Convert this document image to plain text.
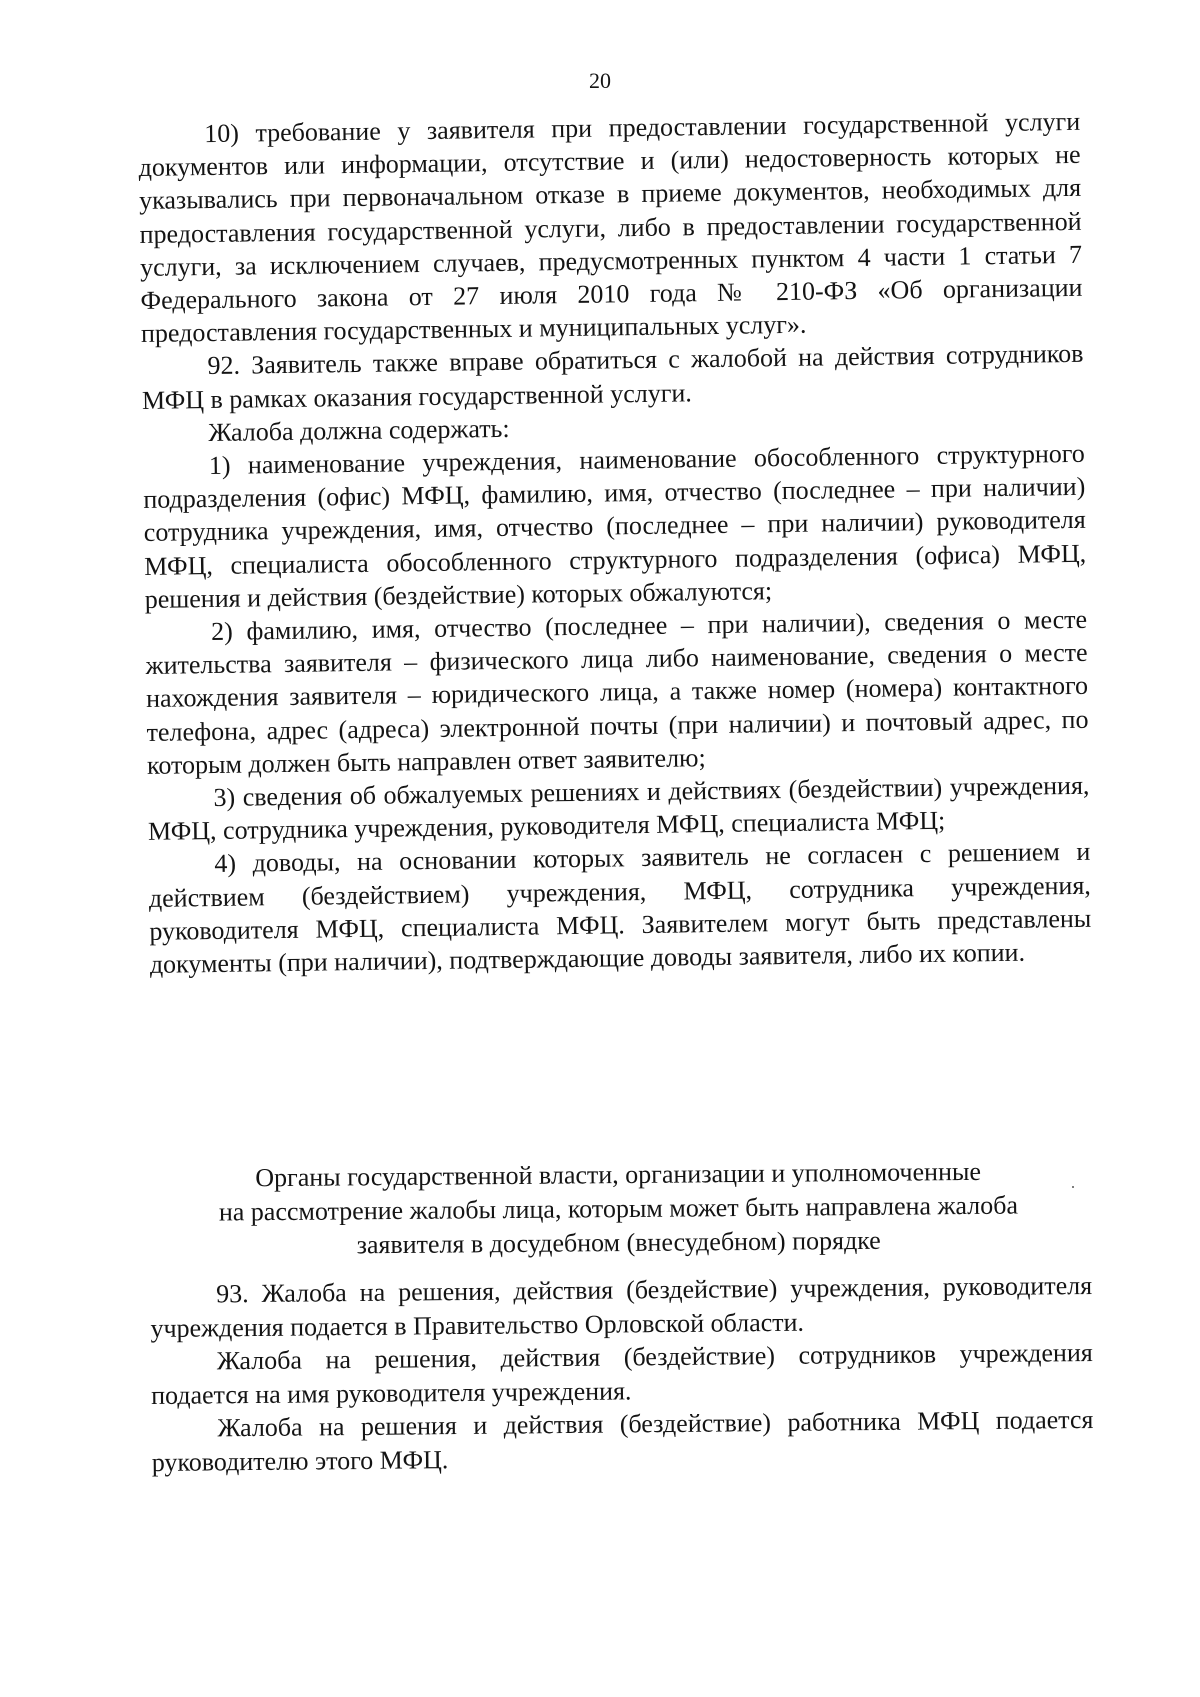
20

10) требование у заявителя при предоставлении государственной услуги документов или информации, отсутствие и (или) недостоверность которых не указывались при первоначальном отказе в приеме документов, необходимых для предоставления государственной услуги, либо в предоставлении государственной услуги, за исключением случаев, предусмотренных пунктом 4 части 1 статьи 7 Федерального закона от 27 июля 2010 года № 210-ФЗ «Об организации предоставления государственных и муниципальных услуг».

92. Заявитель также вправе обратиться с жалобой на действия сотрудников МФЦ в рамках оказания государственной услуги.

Жалоба должна содержать:

1) наименование учреждения, наименование обособленного структурного подразделения (офис) МФЦ, фамилию, имя, отчество (последнее – при наличии) сотрудника учреждения, имя, отчество (последнее – при наличии) руководителя МФЦ, специалиста обособленного структурного подразделения (офиса) МФЦ, решения и действия (бездействие) которых обжалуются;

2) фамилию, имя, отчество (последнее – при наличии), сведения о месте жительства заявителя – физического лица либо наименование, сведения о месте нахождения заявителя – юридического лица, а также номер (номера) контактного телефона, адрес (адреса) электронной почты (при наличии) и почтовый адрес, по которым должен быть направлен ответ заявителю;

3) сведения об обжалуемых решениях и действиях (бездействии) учреждения, МФЦ, сотрудника учреждения, руководителя МФЦ, специалиста МФЦ;

4) доводы, на основании которых заявитель не согласен с решением и действием (бездействием) учреждения, МФЦ, сотрудника учреждения, руководителя МФЦ, специалиста МФЦ. Заявителем могут быть представлены документы (при наличии), подтверждающие доводы заявителя, либо их копии.

Органы государственной власти, организации и уполномоченные
на рассмотрение жалобы лица, которым может быть направлена жалоба
заявителя в досудебном (внесудебном) порядке

93. Жалоба на решения, действия (бездействие) учреждения, руководителя учреждения подается в Правительство Орловской области.

Жалоба на решения, действия (бездействие) сотрудников учреждения подается на имя руководителя учреждения.

Жалоба на решения и действия (бездействие) работника МФЦ подается руководителю этого МФЦ.
